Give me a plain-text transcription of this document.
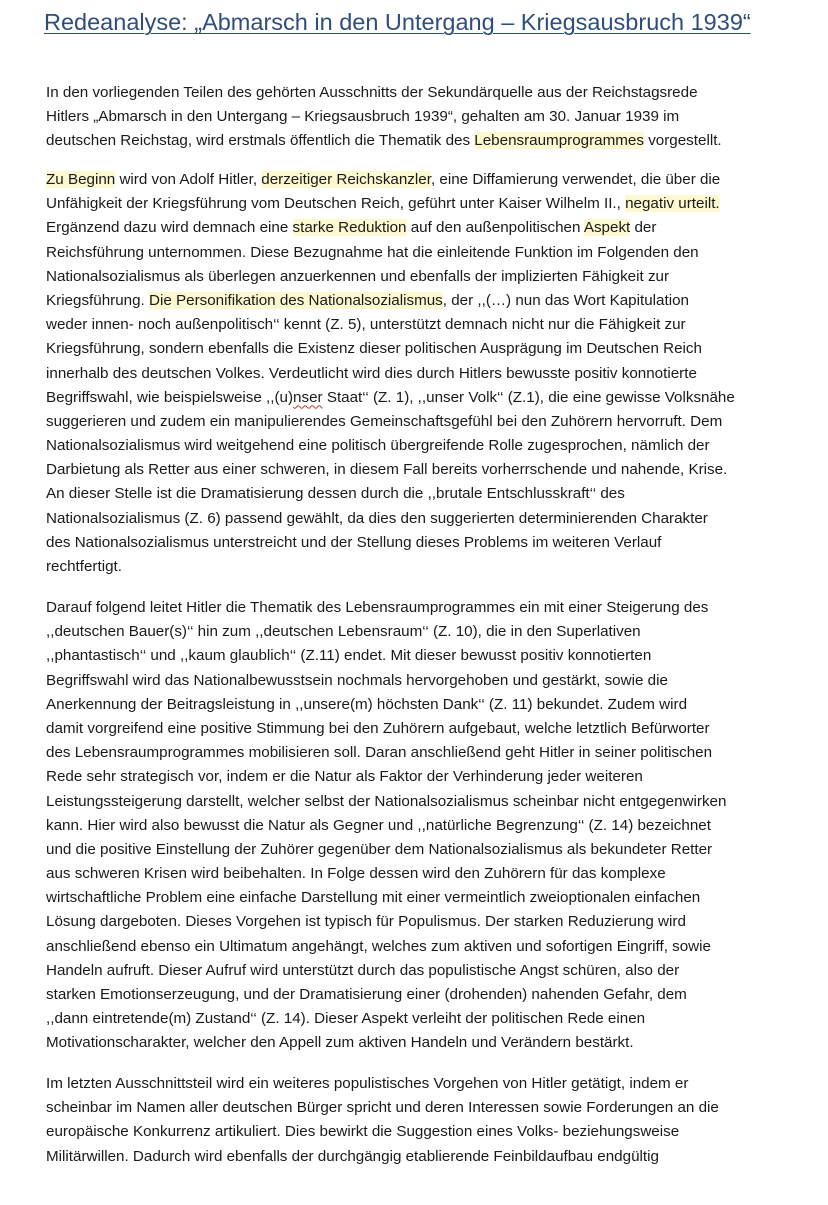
Redeanalyse: „Abmarsch in den Untergang – Kriegsausbruch 1939“
In den vorliegenden Teilen des gehörten Ausschnitts der Sekundärquelle aus der Reichstagsrede
Hitlers „Abmarsch in den Untergang – Kriegsausbruch 1939“, gehalten am 30. Januar 1939 im
deutschen Reichstag, wird erstmals öffentlich die Thematik des Lebensraumprogrammes vorgestellt.
Zu Beginn wird von Adolf Hitler, derzeitiger Reichskanzler, eine Diffamierung verwendet, die über die
Unfähigkeit der Kriegsführung vom Deutschen Reich, geführt unter Kaiser Wilhelm II., negativ urteilt.
Ergänzend dazu wird demnach eine starke Reduktion auf den außenpolitischen Aspekt der
Reichsführung unternommen. Diese Bezugnahme hat die einleitende Funktion im Folgenden den
Nationalsozialismus als überlegen anzuerkennen und ebenfalls der implizierten Fähigkeit zur
Kriegsführung. Die Personifikation des Nationalsozialismus, der ,,(…) nun das Wort Kapitulation
weder innen- noch außenpolitisch‘‘ kennt (Z. 5), unterstützt demnach nicht nur die Fähigkeit zur
Kriegsführung, sondern ebenfalls die Existenz dieser politischen Ausprägung im Deutschen Reich
innerhalb des deutschen Volkes. Verdeutlicht wird dies durch Hitlers bewusste positiv konnotierte
Begriffswahl, wie beispielsweise ,,(u)nser Staat‘‘ (Z. 1), ,,unser Volk‘‘ (Z.1), die eine gewisse Volksnähe
suggerieren und zudem ein manipulierendes Gemeinschaftsgefühl bei den Zuhörern hervorruft. Dem
Nationalsozialismus wird weitgehend eine politisch übergreifende Rolle zugesprochen, nämlich der
Darbietung als Retter aus einer schweren, in diesem Fall bereits vorherrschende und nahende, Krise.
An dieser Stelle ist die Dramatisierung dessen durch die ,,brutale Entschlusskraft‘‘ des
Nationalsozialismus (Z. 6) passend gewählt, da dies den suggerierten determinierenden Charakter
des Nationalsozialismus unterstreicht und der Stellung dieses Problems im weiteren Verlauf
rechtfertigt.
Darauf folgend leitet Hitler die Thematik des Lebensraumprogrammes ein mit einer Steigerung des
,,deutschen Bauer(s)‘‘ hin zum ,,deutschen Lebensraum‘‘ (Z. 10), die in den Superlativen
,,phantastisch‘‘ und ,,kaum glaublich‘‘ (Z.11) endet. Mit dieser bewusst positiv konnotierten
Begriffswahl wird das Nationalbewusstsein nochmals hervorgehoben und gestärkt, sowie die
Anerkennung der Beitragsleistung in ,,unsere(m) höchsten Dank‘‘ (Z. 11) bekundet. Zudem wird
damit vorgreifend eine positive Stimmung bei den Zuhörern aufgebaut, welche letztlich Befürworter
des Lebensraumprogrammes mobilisieren soll. Daran anschließend geht Hitler in seiner politischen
Rede sehr strategisch vor, indem er die Natur als Faktor der Verhinderung jeder weiteren
Leistungssteigerung darstellt, welcher selbst der Nationalsozialismus scheinbar nicht entgegenwirken
kann. Hier wird also bewusst die Natur als Gegner und ,,natürliche Begrenzung‘‘ (Z. 14) bezeichnet
und die positive Einstellung der Zuhörer gegenüber dem Nationalsozialismus als bekundeter Retter
aus schweren Krisen wird beibehalten. In Folge dessen wird den Zuhörern für das komplexe
wirtschaftliche Problem eine einfache Darstellung mit einer vermeintlich zweioptionalen einfachen
Lösung dargeboten. Dieses Vorgehen ist typisch für Populismus. Der starken Reduzierung wird
anschließend ebenso ein Ultimatum angehängt, welches zum aktiven und sofortigen Eingriff, sowie
Handeln aufruft. Dieser Aufruf wird unterstützt durch das populistische Angst schüren, also der
starken Emotionserzeugung, und der Dramatisierung einer (drohenden) nahenden Gefahr, dem
,,dann eintretende(m) Zustand‘‘ (Z. 14). Dieser Aspekt verleiht der politischen Rede einen
Motivationscharakter, welcher den Appell zum aktiven Handeln und Verändern bestärkt.
Im letzten Ausschnittsteil wird ein weiteres populistisches Vorgehen von Hitler getätigt, indem er
scheinbar im Namen aller deutschen Bürger spricht und deren Interessen sowie Forderungen an die
europäische Konkurrenz artikuliert. Dies bewirkt die Suggestion eines Volks- beziehungsweise
Militärwillen. Dadurch wird ebenfalls der durchgängig etablierende Feinbildaufbau endgültig
